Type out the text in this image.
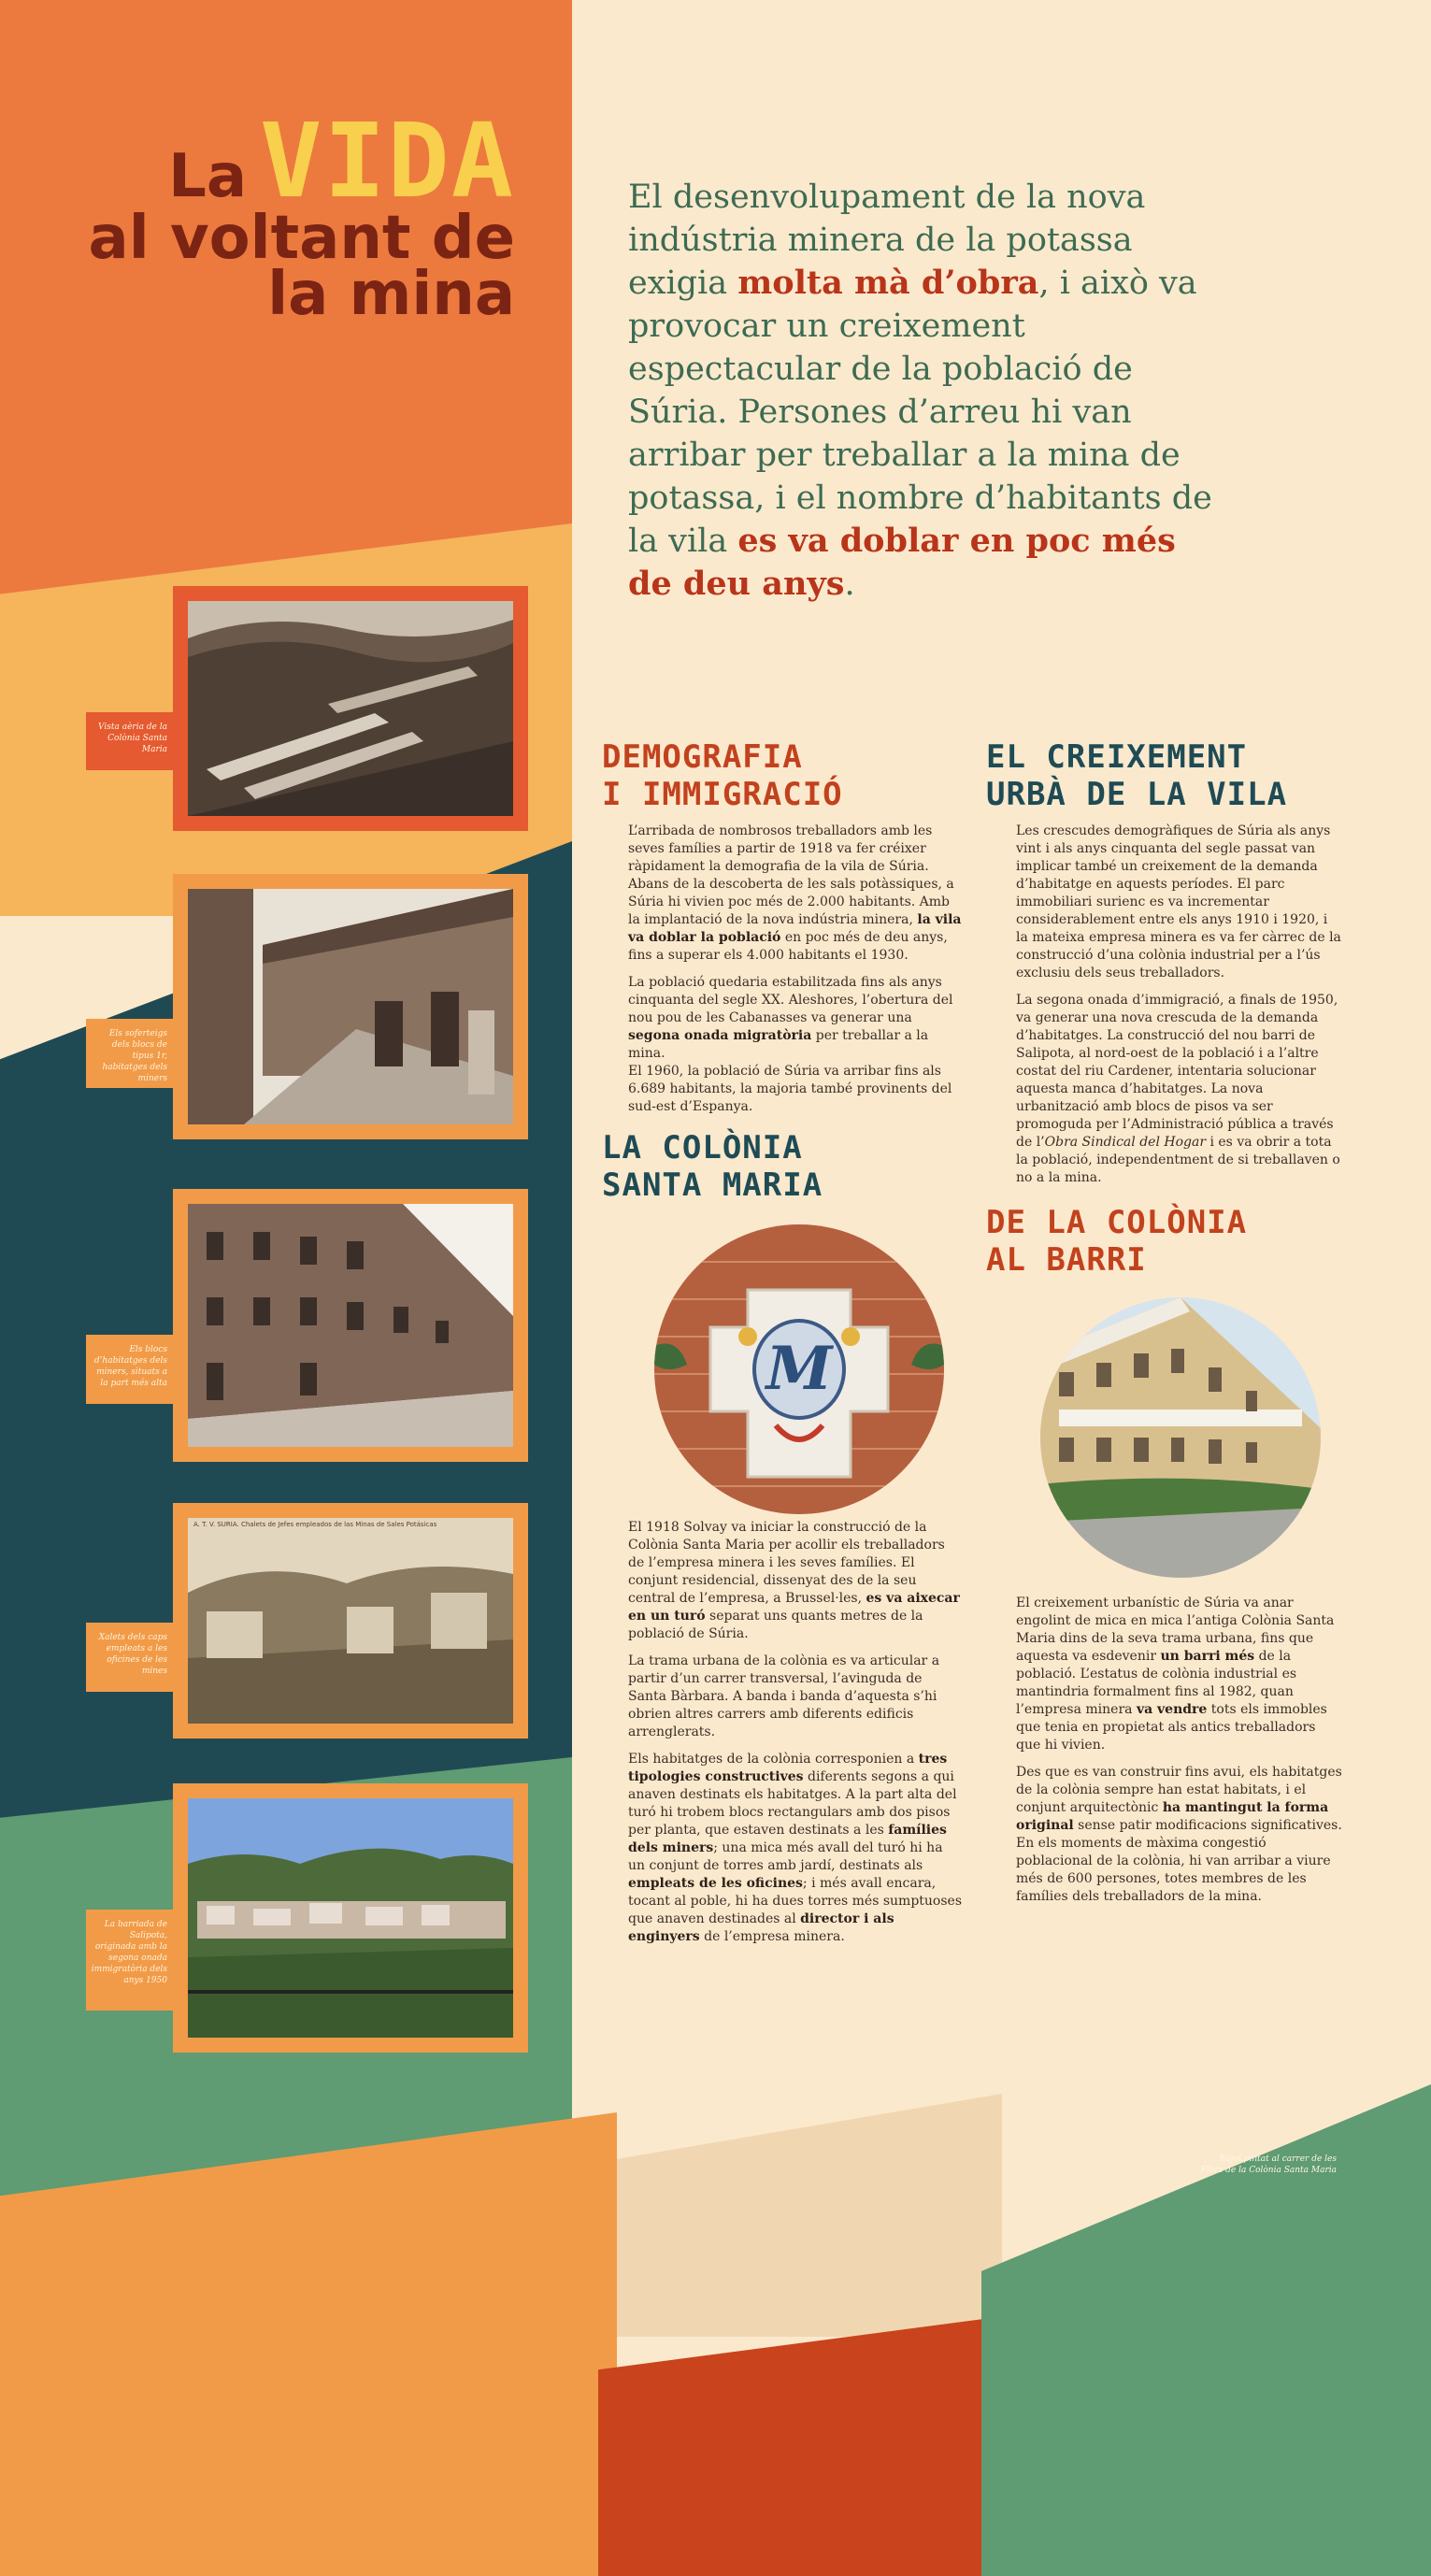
La VIDA
al voltant de
la mina
El desenvolupament de la nova indústria minera de la potassa exigia molta mà d’obra, i això va provocar un creixement espectacular de la població de Súria. Persones d’arreu hi van arribar per treballar a la mina de potassa, i el nombre d’habitants de la vila es va doblar en poc més de deu anys.
Vista aèria de la Colònia Santa Maria
Els soferteigs dels blocs de tipus 1r, habitatges dels miners
Els blocs d’habitatges dels miners, situats a la part més alta
Xalets dels caps empleats a les oficines de les mines
A. T. V. SURIA. Chalets de Jefes empleados de las Minas de Sales Potásicas
La barriada de Salipota, originada amb la segona onada immigratòria dels anys 1950
DEMOGRAFIA
I IMMIGRACIÓ

L’arribada de nombrosos treballadors amb les seves famílies a partir de 1918 va fer créixer ràpidament la demografia de la vila de Súria. Abans de la descoberta de les sals potàssiques, a Súria hi vivien poc més de 2.000 habitants. Amb la implantació de la nova indústria minera, la vila va doblar la població en poc més de deu anys, fins a superar els 4.000 habitants el 1930.

La població quedaria estabilitzada fins als anys cinquanta del segle XX. Aleshores, l’obertura del nou pou de les Cabanasses va generar una segona onada migratòria per treballar a la mina.

El 1960, la població de Súria va arribar fins als 6.689 habitants, la majoria també provinents del sud-est d’Espanya.

EL CREIXEMENT
URBÀ DE LA VILA

Les crescudes demogràfiques de Súria als anys vint i als anys cinquanta del segle passat van implicar també un creixement de la demanda d’habitatge en aquests períodes. El parc immobiliari surienc es va incrementar considerablement entre els anys 1910 i 1920, i la mateixa empresa minera es va fer càrrec de la construcció d’una colònia industrial per a l’ús exclusiu dels seus treballadors.

La segona onada d’immigració, a finals de 1950, va generar una nova crescuda de la demanda d’habitatges. La construcció del nou barri de Salipota, al nord-oest de la població i a l’altre costat del riu Cardener, intentaria solucionar aquesta manca d’habitatges. La nova urbanització amb blocs de pisos va ser promoguda per l’Administració pública a través de l’Obra Sindical del Hogar i es va obrir a tota la població, independentment de si treballaven o no a la mina.

LA COLÒNIA
SANTA MARIA
M

El 1918 Solvay va iniciar la construcció de la Colònia Santa Maria per acollir els treballadors de l’empresa minera i les seves famílies. El conjunt residencial, dissenyat des de la seu central de l’empresa, a Brussel·les, es va aixecar en un turó separat uns quants metres de la població de Súria.

La trama urbana de la colònia es va articular a partir d’un carrer transversal, l’avinguda de Santa Bàrbara. A banda i banda d’aquesta s’hi obrien altres carrers amb diferents edificis arrenglerats.

Els habitatges de la colònia corresponien a tres tipologies constructives diferents segons a qui anaven destinats els habitatges. A la part alta del turó hi trobem blocs rectangulars amb dos pisos per planta, que estaven destinats a les famílies dels miners; una mica més avall del turó hi ha un conjunt de torres amb jardí, destinats als empleats de les oficines; i més avall encara, tocant al poble, hi ha dues torres més sumptuoses que anaven destinades al director i als enginyers de l’empresa minera.

DE LA COLÒNIA
AL BARRI

El creixement urbanístic de Súria va anar engolint de mica en mica l’antiga Colònia Santa Maria dins de la seva trama urbana, fins que aquesta va esdevenir un barri més de la població. L’estatus de colònia industrial es mantindria formalment fins al 1982, quan l’empresa minera va vendre tots els immobles que tenia en propietat als antics treballadors que hi vivien.

Des que es van construir fins avui, els habitatges de la colònia sempre han estat habitats, i el conjunt arquitectònic ha mantingut la forma original sense patir modificacions significatives. En els moments de màxima congestió poblacional de la colònia, hi van arribar a viure més de 600 persones, totes membres de les famílies dels treballadors de la mina.

Rajol pintat al carrer de les Flors de la Colònia Santa Maria
